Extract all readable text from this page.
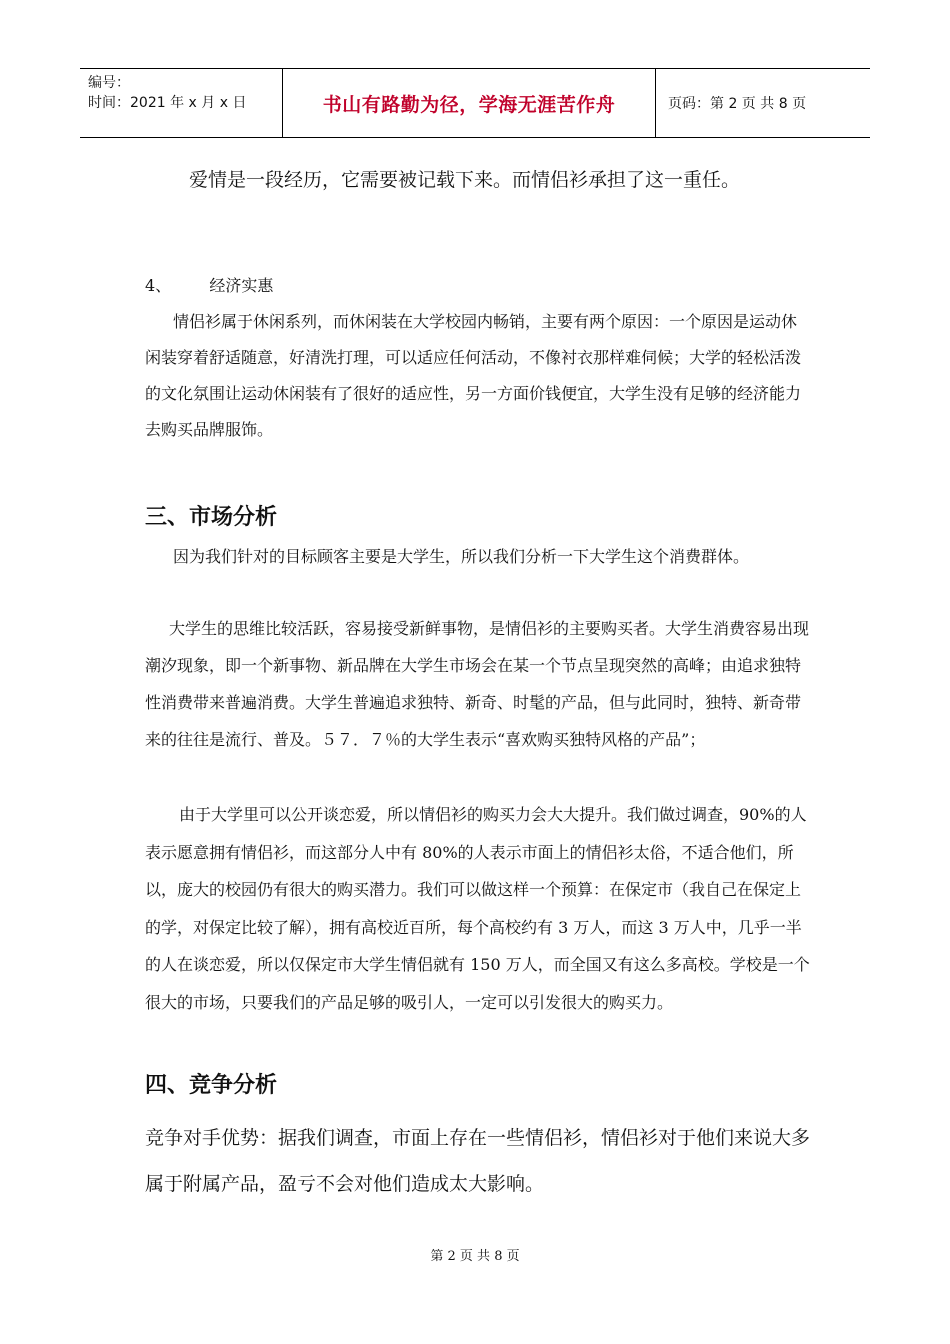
编号：
时间：2021 年 x 月 x 日	书山有路勤为径，学海无涯苦作舟	页码：第 2 页 共 8 页

爱情是一段经历，它需要被记载下来。而情侣衫承担了这一重任。

4、 经济实惠

情侣衫属于休闲系列，而休闲装在大学校园内畅销，主要有两个原因：一个原因是运动休闲装穿着舒适随意，好清洗打理，可以适应任何活动，不像衬衣那样难伺候；大学的轻松活泼的文化氛围让运动休闲装有了很好的适应性，另一方面价钱便宜，大学生没有足够的经济能力去购买品牌服饰。

三、市场分析

因为我们针对的目标顾客主要是大学生，所以我们分析一下大学生这个消费群体。

大学生的思维比较活跃，容易接受新鲜事物，是情侣衫的主要购买者。大学生消费容易出现潮汐现象，即一个新事物、新品牌在大学生市场会在某一个节点呈现突然的高峰；由追求独特性消费带来普遍消费。大学生普遍追求独特、新奇、时髦的产品，但与此同时，独特、新奇带来的往往是流行、普及。５７．７％的大学生表示“喜欢购买独特风格的产品”；

由于大学里可以公开谈恋爱，所以情侣衫的购买力会大大提升。我们做过调查，90%的人表示愿意拥有情侣衫，而这部分人中有 80%的人表示市面上的情侣衫太俗，不适合他们，所以，庞大的校园仍有很大的购买潜力。我们可以做这样一个预算：在保定市（我自己在保定上的学，对保定比较了解），拥有高校近百所，每个高校约有 3 万人，而这 3 万人中，几乎一半的人在谈恋爱，所以仅保定市大学生情侣就有 150 万人，而全国又有这么多高校。学校是一个很大的市场，只要我们的产品足够的吸引人，一定可以引发很大的购买力。

四、竞争分析

竞争对手优势：据我们调查，市面上存在一些情侣衫，情侣衫对于他们来说大多属于附属产品，盈亏不会对他们造成太大影响。

第 2 页 共 8 页
